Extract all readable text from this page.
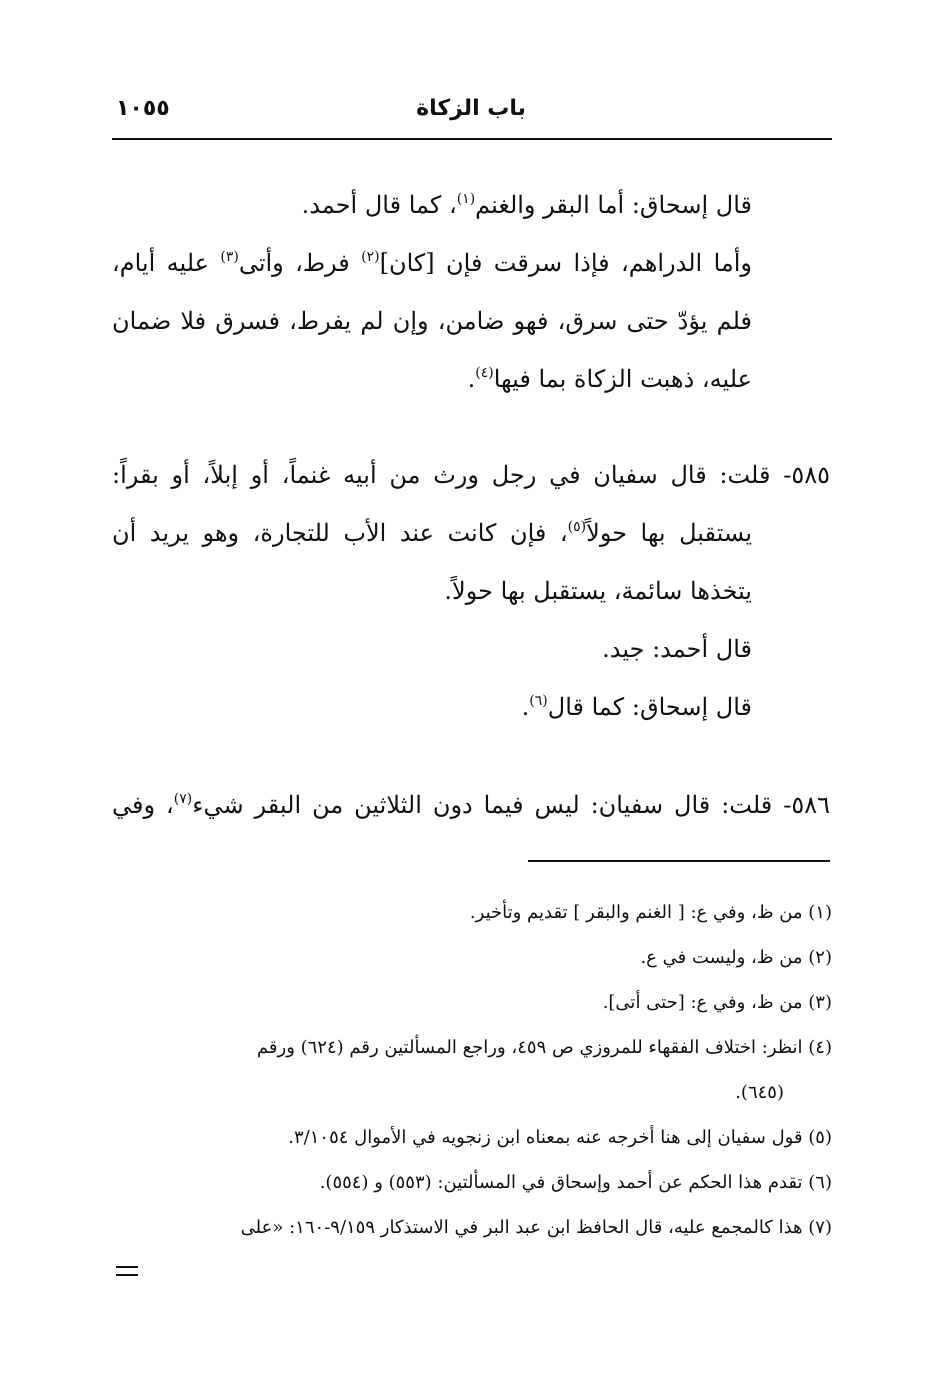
باب الزكاة
١٠٥٥
قال إسحاق: أما البقر والغنم$^{(١)}$، كما قال أحمد.
وأما الدراهم، فإذا سرقت فإن [كان]$^{(٢)}$ فرط، وأتى$^{(٣)}$ عليه أيام،
فلم يؤدّ حتى سرق، فهو ضامن، وإن لم يفرط، فسرق فلا ضمان
عليه، ذهبت الزكاة بما فيها$^{(٤)}$.
٥٨٥- قلت: قال سفيان في رجل ورث من أبيه غنماً، أو إبلاً، أو بقراً:
يستقبل بها حولاً$^{(٥)}$، فإن كانت عند الأب للتجارة، وهو يريد أن
يتخذها سائمة، يستقبل بها حولاً.
قال أحمد: جيد.
قال إسحاق: كما قال$^{(٦)}$.
٥٨٦- قلت: قال سفيان: ليس فيما دون الثلاثين من البقر شيء$^{(٧)}$، وفي
(١) من ظ، وفي ع: [ الغنم والبقر ] تقديم وتأخير.
(٢) من ظ، وليست في ع.
(٣) من ظ، وفي ع: [حتى أتى].
(٤) انظر: اختلاف الفقهاء للمروزي ص ٤٥٩، وراجع المسألتين رقم (٦٢٤) ورقم
(٦٤٥).
(٥) قول سفيان إلى هنا أخرجه عنه بمعناه ابن زنجويه في الأموال ٣/١٠٥٤.
(٦) تقدم هذا الحكم عن أحمد وإسحاق في المسألتين: (٥٥٣) و (٥٥٤).
(٧) هذا كالمجمع عليه، قال الحافظ ابن عبد البر في الاستذكار ٩/١٥٩-١٦٠: «على
